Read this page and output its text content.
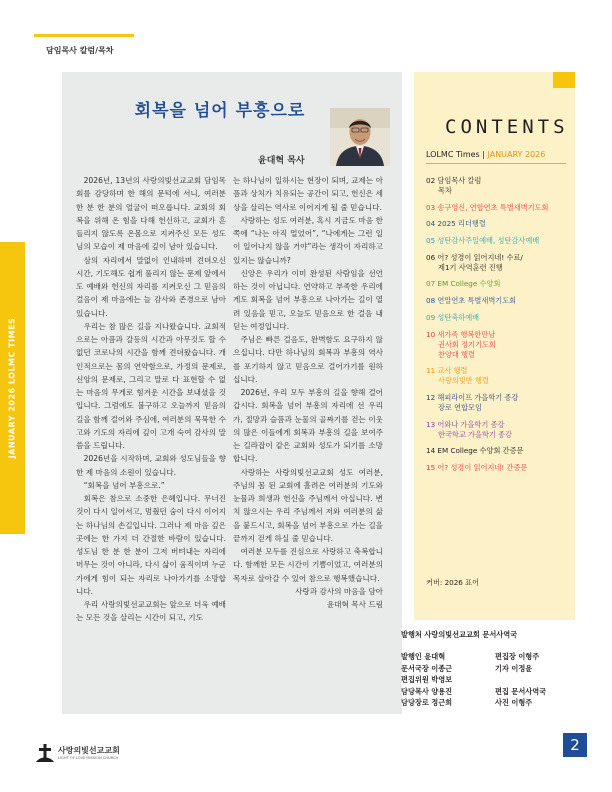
담임목사 칼럼/목차
JANUARY 2026 LOLMC TIMES
회복을 넘어 부흥으로
윤대혁 목사

2026년, 13년의 사랑의빛선교교회 담임목회를 감당하며 한 해의 문턱에 서니, 여러분 한 분 한 분의 얼굴이 떠오릅니다. 교회의 회복을 위해 온 힘을 다해 헌신하고, 교회가 흔들리지 않도록 온몸으로 지켜주신 모든 성도님의 모습이 제 마음에 깊이 남아 있습니다.

삼의 자리에서 말없이 인내하며 견뎌오신 시간, 기도해도 쉽게 풀리지 않는 문제 앞에서도 예배와 헌신의 자리를 지켜오신 그 믿음의 걸음이 제 마음에는 늘 감사와 존경으로 남아 있습니다.

우리는 참 많은 길을 지나왔습니다. 교회적으로는 아픔과 갈등의 시간과 아무것도 할 수 없던 코로나의 시간을 함께 견뎌왔습니다. 개인적으로는 몸의 연약함으로, 가정의 문제로, 신앙의 문제로, 그리고 말로 다 표현할 수 없는 마음의 무게로 힘겨운 시간을 보내셨을 것입니다. 그럼에도 불구하고 오늘까지 믿음의 길을 함께 걸어와 주심에, 여러분의 묵묵한 수고와 기도의 자리에 깊이 고개 숙여 감사의 말씀을 드립니다.

2026년을 시작하며, 교회와 성도님들을 향한 제 마음의 소원이 있습니다.

“회복을 넘어 부흥으로.”

회복은 참으로 소중한 은혜입니다. 무너진 것이 다시 일어서고, 멈췄던 숨이 다시 이어지는 하나님의 손길입니다. 그러나 제 마음 깊은 곳에는 한 가지 더 간절한 바람이 있습니다. 성도님 한 분 한 분이 그저 버텨내는 자리에 머무는 것이 아니라, 다시 삶이 움직이며 누군가에게 힘이 되는 자리로 나아가기를 소망합니다.

우리 사랑의빛선교교회는 앞으로 더욱 예배는 모든 것을 살리는 시간이 되고, 기도

는 하나님이 일하시는 현장이 되며, 교제는 아픔과 상처가 치유되는 공간이 되고, 헌신은 세상을 살리는 역사로 이어지게 될 줄 믿습니다.

사랑하는 성도 여러분, 혹시 지금도 마음 한쪽에 “나는 아직 멀었어”, “나에게는 그런 일이 일어나지 않을 거야”라는 생각이 자리하고 있지는 않습니까?

신앙은 우리가 이미 완성된 사람임을 선언하는 것이 아닙니다. 연약하고 부족한 우리에게도 회복을 넘어 부흥으로 나아가는 길이 열려 있음을 믿고, 오늘도 믿음으로 한 걸음 내딛는 여정입니다.

주님은 빠른 걸음도, 완벽함도 요구하지 않으십니다. 다만 하나님의 회복과 부흥의 역사를 포기하지 않고 믿음으로 걸어가기를 원하십니다.

2026년, 우리 모두 부흥의 길을 향해 걸어갑시다. 회복을 넘어 부흥의 자리에 선 우리가, 절망과 슬픔과 눈물의 골짜기를 걷는 이웃의 많은 이들에게 회복과 부흥의 길을 보여주는 길라잡이 같은 교회와 성도가 되기를 소망합니다.

사랑하는 사랑의빛선교교회 성도 여러분, 주님의 몸 된 교회에 흘려온 여러분의 기도와 눈물과 희생과 헌신을 주님께서 아십니다. 변치 않으시는 우리 주님께서 저와 여러분의 삶을 붙드시고, 회복을 넘어 부흥으로 가는 길을 끝까지 걷게 하실 줄 믿습니다.

여러분 모두를 진심으로 사랑하고 축복합니다. 함께한 모든 시간이 기쁨이었고, 여러분의 목자로 살아갈 수 있어 참으로 행복했습니다.

사랑과 감사의 마음을 담아

윤대혁 목사 드림

CONTENTS
LOLMC Times | JANUARY 2026
02 담임목사 칼럼
목차
03 송구영신, 연합연초 특별새벽기도회
04 2025 리더행렬
05 성탄감사주일예배, 성탄감사예배
06 어? 성경이 읽어지네! 수료/
제1기 사역훈련 진행
07 EM College 수양회
08 연말연초 특별새벽기도회
09 성탄축하예배
10 새가족 행복한만남
권사회 정기기도회
찬양대 행렬
11 교사 행렬
사랑의빛반 행렬
12 해피라이프 가을학기 종강
장로 연합모임
13 어와나 가을학기 종강
한국학교 가을학기 종강
14 EM College 수양회 간증문
15 어? 성경이 읽어지네! 간증문
커버: 2026 표어
발행처 사랑의빛선교교회 문서사역국
발행인 윤대혁	편집장 이형주
문서국장 이종근	기자 이정윤
편집위원 박영보
담당목사 양용진	편집 문서사역국
담당장로 정근희	사진 이형주
사랑의빛선교교회
LIGHT OF LOVE MISSION CHURCH
2
